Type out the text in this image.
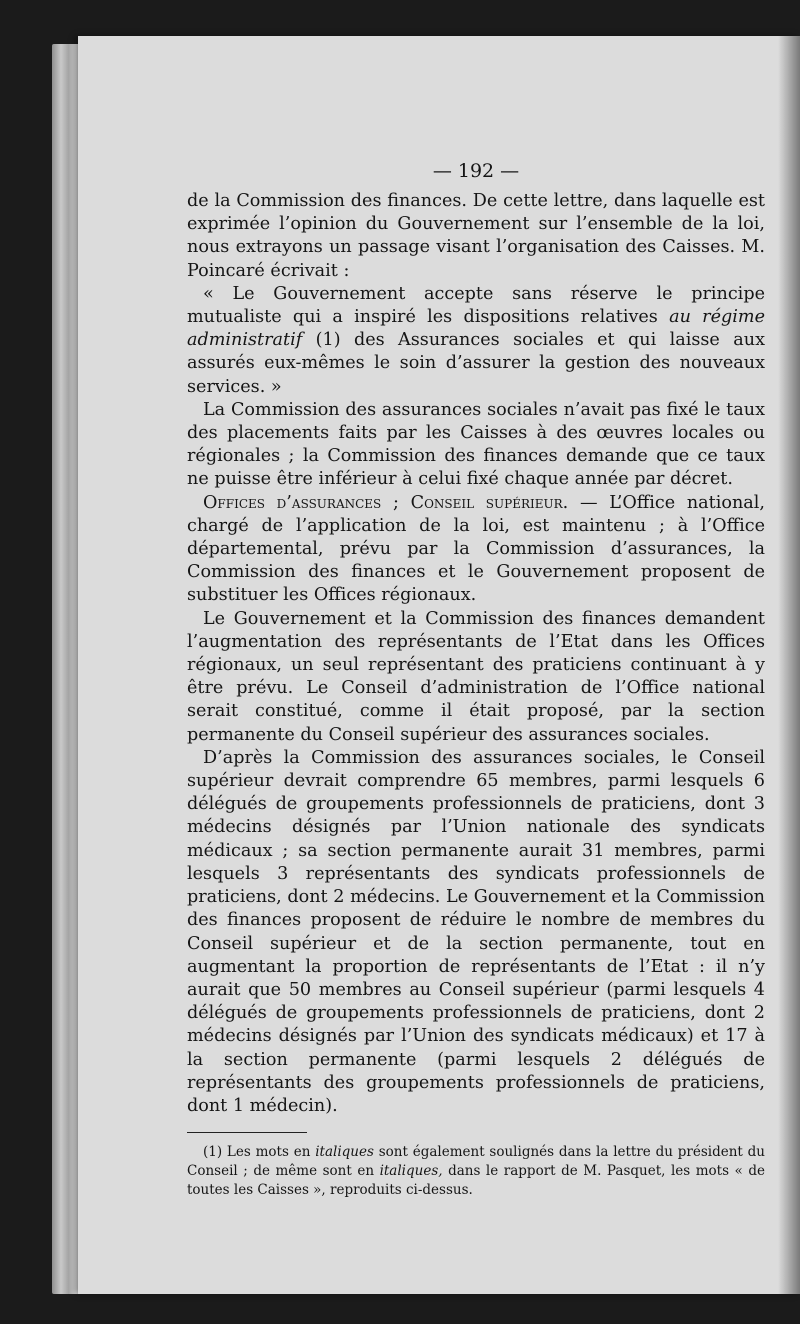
— 192 —

de la Commission des finances. De cette lettre, dans laquelle est exprimée l’opinion du Gouvernement sur l’ensemble de la loi, nous extrayons un passage visant l’organisation des Caisses. M. Poincaré écrivait :

« Le Gouvernement accepte sans réserve le principe mutualiste qui a inspiré les dispositions relatives au régime administratif (1) des Assurances sociales et qui laisse aux assurés eux-mêmes le soin d’assurer la gestion des nouveaux services. »

La Commission des assurances sociales n’avait pas fixé le taux des placements faits par les Caisses à des œuvres locales ou régionales ; la Commission des finances demande que ce taux ne puisse être inférieur à celui fixé chaque année par décret.

Offices d’assurances ; Conseil supérieur. — L’Office national, chargé de l’application de la loi, est maintenu ; à l’Office départemental, prévu par la Commission d’assurances, la Commission des finances et le Gouvernement proposent de substituer les Offices régionaux.

Le Gouvernement et la Commission des finances demandent l’augmentation des représentants de l’Etat dans les Offices régionaux, un seul représentant des praticiens continuant à y être prévu. Le Conseil d’administration de l’Office national serait constitué, comme il était proposé, par la section permanente du Conseil supérieur des assurances sociales.

D’après la Commission des assurances sociales, le Conseil supérieur devrait comprendre 65 membres, parmi lesquels 6 délégués de groupements professionnels de praticiens, dont 3 médecins désignés par l’Union nationale des syndicats médicaux ; sa section permanente aurait 31 membres, parmi lesquels 3 représentants des syndicats professionnels de praticiens, dont 2 médecins. Le Gouvernement et la Commission des finances proposent de réduire le nombre de membres du Conseil supérieur et de la section permanente, tout en augmentant la proportion de représentants de l’Etat : il n’y aurait que 50 membres au Conseil supérieur (parmi lesquels 4 délégués de groupements professionnels de praticiens, dont 2 médecins désignés par l’Union des syndicats médicaux) et 17 à la section permanente (parmi lesquels 2 délégués de représentants des groupements professionnels de praticiens, dont 1 médecin).

(1) Les mots en italiques sont également soulignés dans la lettre du président du Conseil ; de même sont en italiques, dans le rapport de M. Pasquet, les mots « de toutes les Caisses », reproduits ci-dessus.
